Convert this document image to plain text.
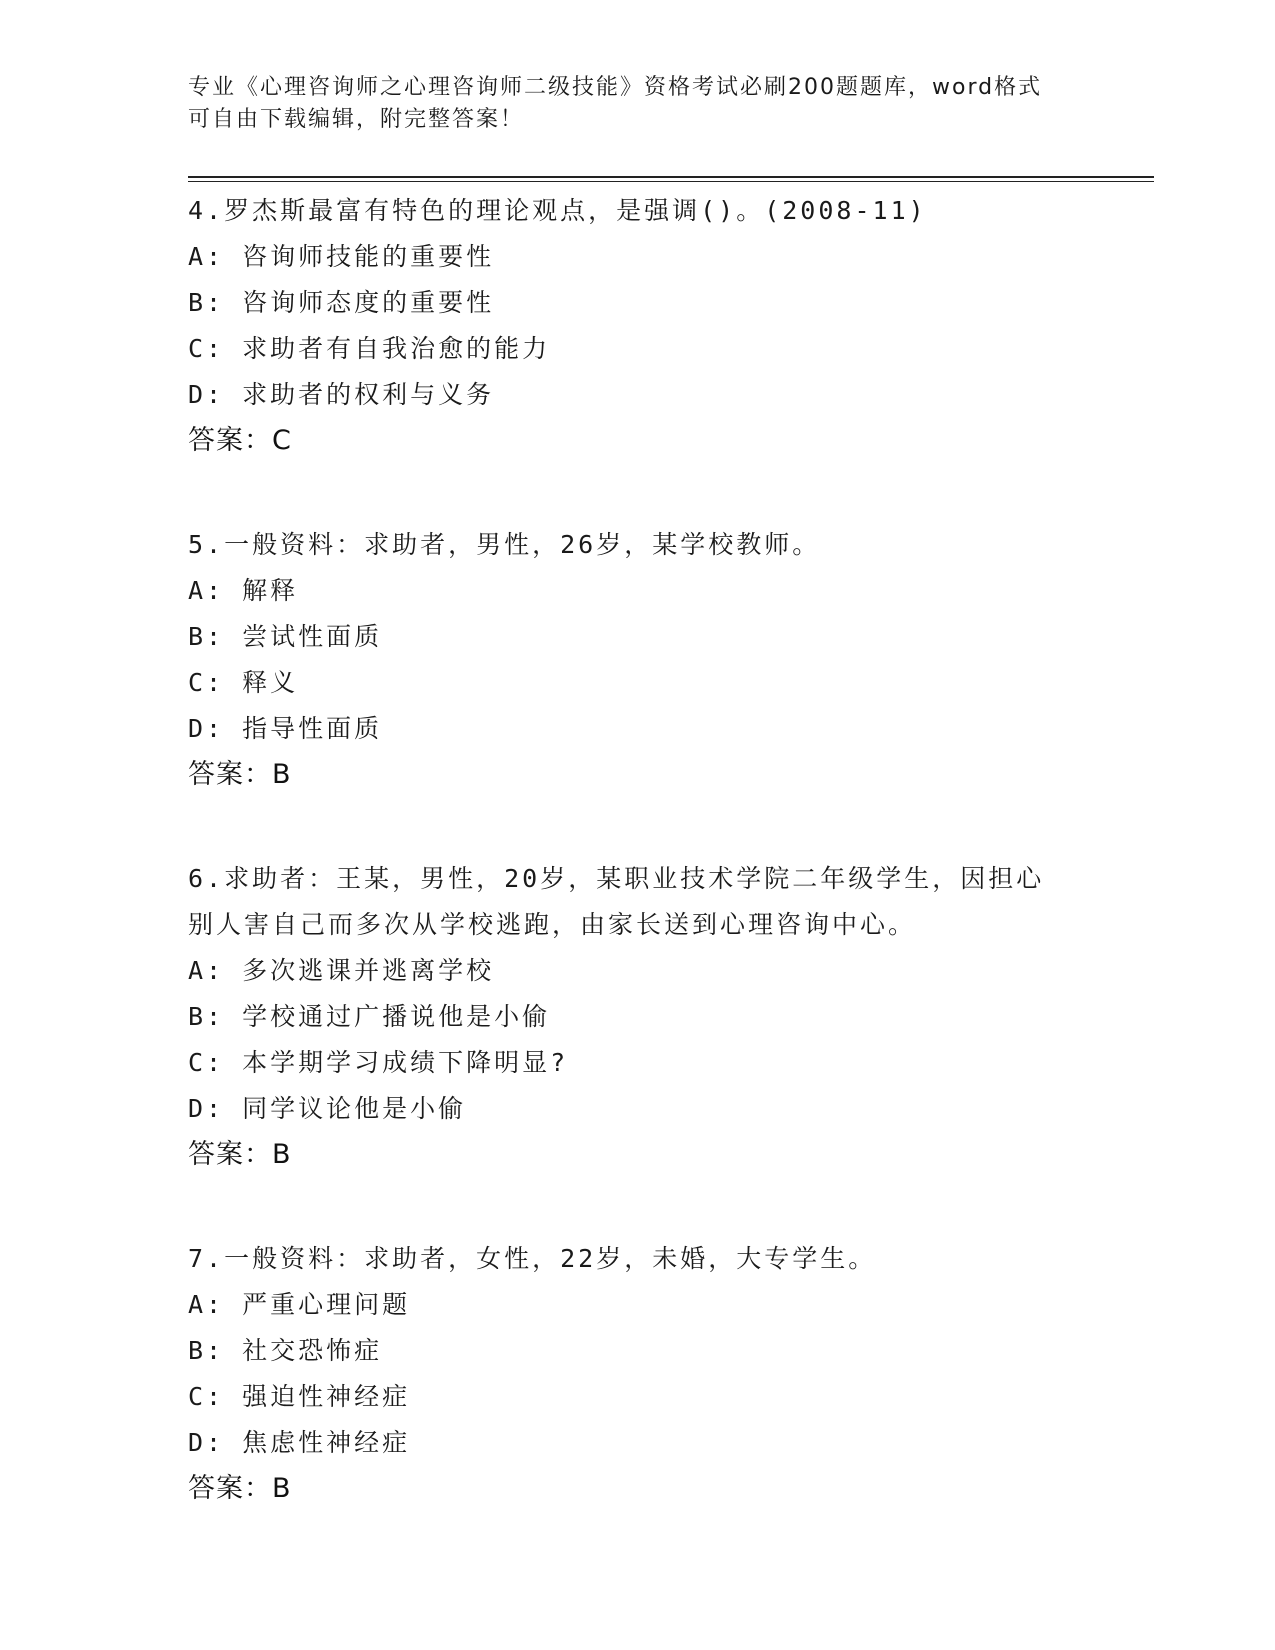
专业《心理咨询师之心理咨询师二级技能》资格考试必刷200题题库，word格式
可自由下载编辑，附完整答案！
4.罗杰斯最富有特色的理论观点，是强调()。(2008-11)
A: 咨询师技能的重要性
B: 咨询师态度的重要性
C: 求助者有自我治愈的能力
D: 求助者的权利与义务
答案：C
5.一般资料：求助者，男性，26岁，某学校教师。
A: 解释
B: 尝试性面质
C: 释义
D: 指导性面质
答案：B
6.求助者：王某，男性，20岁，某职业技术学院二年级学生，因担心
别人害自己而多次从学校逃跑，由家长送到心理咨询中心。
A: 多次逃课并逃离学校
B: 学校通过广播说他是小偷
C: 本学期学习成绩下降明显?
D: 同学议论他是小偷
答案：B
7.一般资料：求助者，女性，22岁，未婚，大专学生。
A: 严重心理问题
B: 社交恐怖症
C: 强迫性神经症
D: 焦虑性神经症
答案：B
